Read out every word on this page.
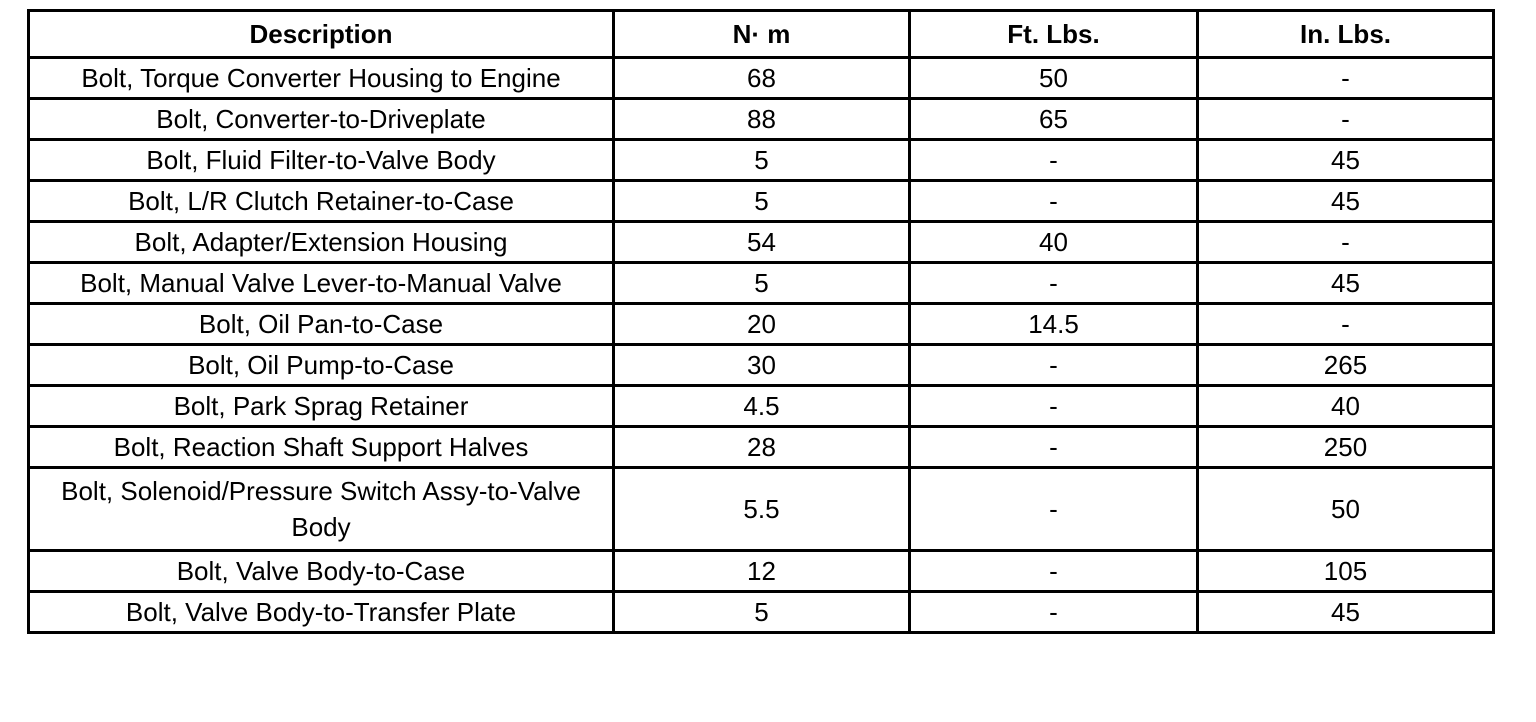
Description	N· m	Ft. Lbs.	In. Lbs.
Bolt, Torque Converter Housing to Engine	68	50	-
Bolt, Converter-to-Driveplate	88	65	-
Bolt, Fluid Filter-to-Valve Body	5	-	45
Bolt, L/R Clutch Retainer-to-Case	5	-	45
Bolt, Adapter/Extension Housing	54	40	-
Bolt, Manual Valve Lever-to-Manual Valve	5	-	45
Bolt, Oil Pan-to-Case	20	14.5	-
Bolt, Oil Pump-to-Case	30	-	265
Bolt, Park Sprag Retainer	4.5	-	40
Bolt, Reaction Shaft Support Halves	28	-	250
Bolt, Solenoid/Pressure Switch Assy-to-Valve Body	5.5	-	50
Bolt, Valve Body-to-Case	12	-	105
Bolt, Valve Body-to-Transfer Plate	5	-	45
